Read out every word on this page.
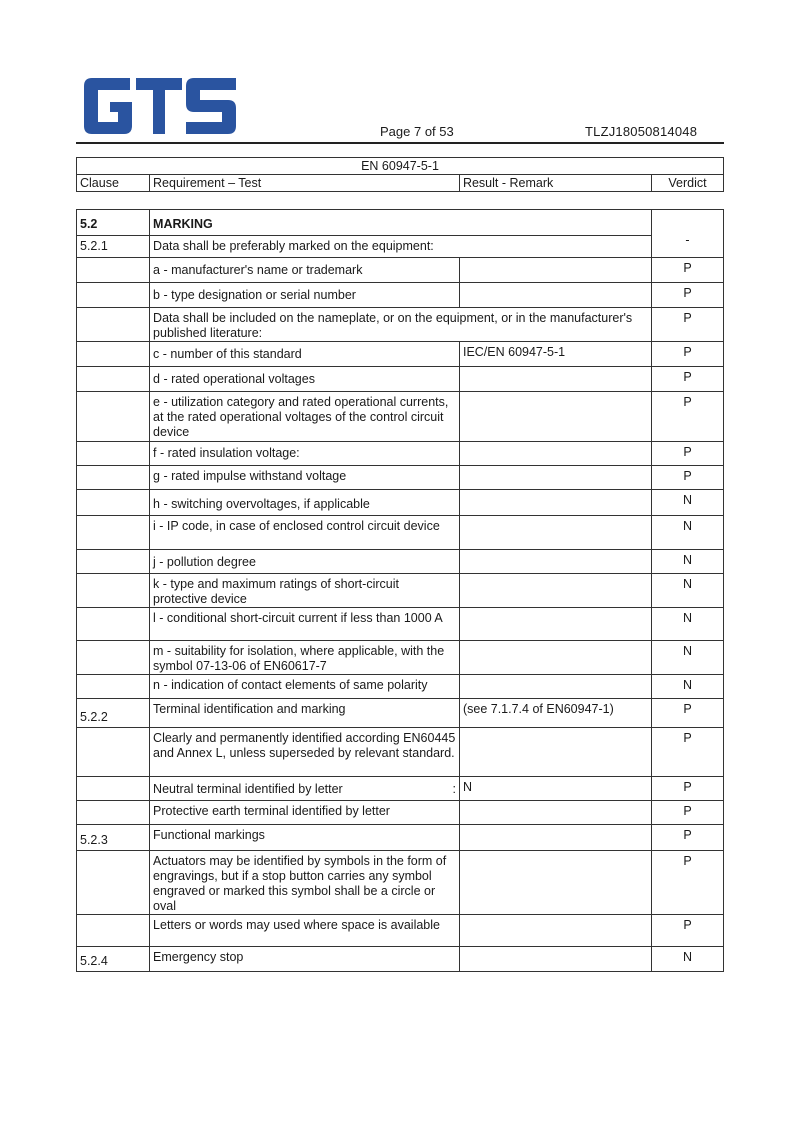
Page 7 of 53	TLZJ18050814048
EN 60947-5-1
Clause	Requirement – Test	Result - Remark	Verdict
5.2	MARKING		-
5.2.1	Data shall be preferably marked on the equipment:		
	a - manufacturer's name or trademark		P
	b - type designation or serial number		P
	Data shall be included on the nameplate, or on the equipment, or in the manufacturer's published literature:		P
	c - number of this standard	IEC/EN 60947-5-1	P
	d - rated operational voltages		P
	e - utilization category and rated operational currents, at the rated operational voltages of the control circuit device		P
	f - rated insulation voltage:		P
	g - rated impulse withstand voltage		P
	h - switching overvoltages, if applicable		N
	i - IP code, in case of enclosed control circuit device		N
	j - pollution degree		N
	k - type and maximum ratings of short-circuit protective device		N
	l - conditional short-circuit current if less than 1000 A		N
	m - suitability for isolation, where applicable, with the symbol 07-13-06 of EN60617-7		N
	n - indication of contact elements of same polarity		N
5.2.2	Terminal identification and marking	(see 7.1.7.4 of EN60947-1)	P
	Clearly and permanently identified according EN60445 and Annex L, unless superseded by relevant standard.		P
	Neutral terminal identified by letter :	N	P
	Protective earth terminal identified by letter		P
5.2.3	Functional markings		P
	Actuators may be identified by symbols in the form of engravings, but if a stop button carries any symbol engraved or marked this symbol shall be a circle or oval		P
	Letters or words may used where space is available		P
5.2.4	Emergency stop		N
